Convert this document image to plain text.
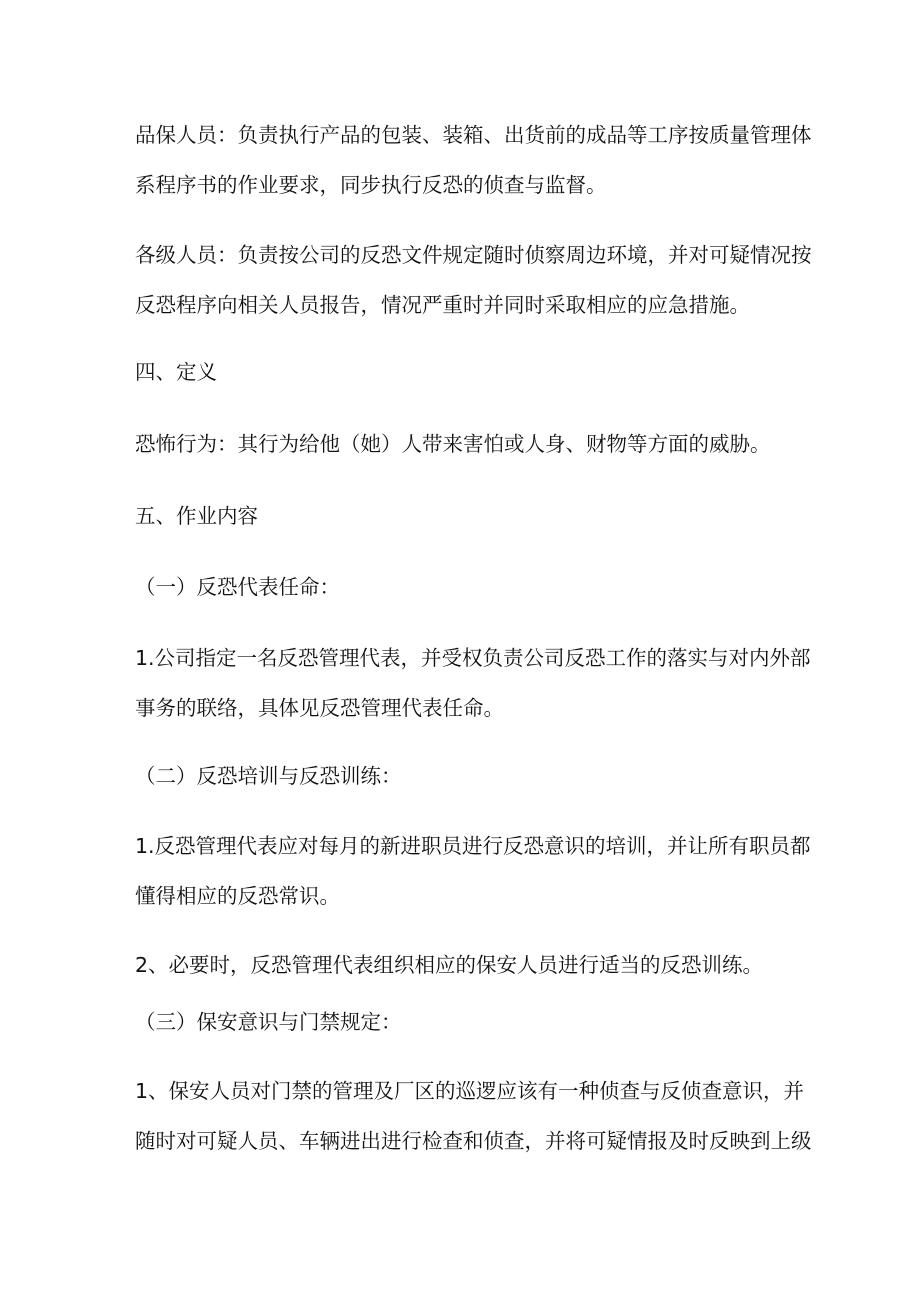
品保人员：负责执行产品的包装、装箱、出货前的成品等工序按质量管理体
系程序书的作业要求，同步执行反恐的侦查与监督。
各级人员：负责按公司的反恐文件规定随时侦察周边环境，并对可疑情况按
反恐程序向相关人员报告，情况严重时并同时采取相应的应急措施。
四、定义
恐怖行为：其行为给他（她）人带来害怕或人身、财物等方面的威胁。
五、作业内容
（一）反恐代表任命：
1.公司指定一名反恐管理代表，并受权负责公司反恐工作的落实与对内外部
事务的联络，具体见反恐管理代表任命。
（二）反恐培训与反恐训练：
1.反恐管理代表应对每月的新进职员进行反恐意识的培训，并让所有职员都
懂得相应的反恐常识。
2、必要时，反恐管理代表组织相应的保安人员进行适当的反恐训练。
（三）保安意识与门禁规定：
1、保安人员对门禁的管理及厂区的巡逻应该有一种侦查与反侦查意识，并
随时对可疑人员、车辆进出进行检查和侦查，并将可疑情报及时反映到上级
